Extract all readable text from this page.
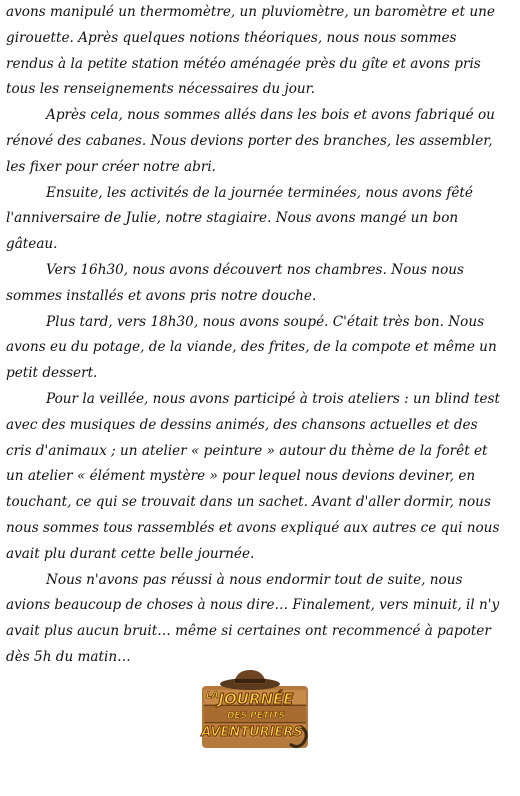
avons manipulé un thermomètre, un pluviomètre, un baromètre et une girouette. Après quelques notions théoriques, nous nous sommes rendus à la petite station météo aménagée près du gîte et avons pris tous les renseignements nécessaires du jour.

Après cela, nous sommes allés dans les bois et avons fabriqué ou rénové des cabanes. Nous devions porter des branches, les assembler, les fixer pour créer notre abri.

Ensuite, les activités de la journée terminées, nous avons fêté l'anniversaire de Julie, notre stagiaire. Nous avons mangé un bon gâteau.

Vers 16h30, nous avons découvert nos chambres. Nous nous sommes installés et avons pris notre douche.

Plus tard, vers 18h30, nous avons soupé. C'était très bon. Nous avons eu du potage, de la viande, des frites, de la compote et même un petit dessert.

Pour la veillée, nous avons participé à trois ateliers : un blind test avec des musiques de dessins animés, des chansons actuelles et des cris d'animaux ; un atelier « peinture » autour du thème de la forêt et un atelier « élément mystère » pour lequel nous devions deviner, en touchant, ce qui se trouvait dans un sachet. Avant d'aller dormir, nous nous sommes tous rassemblés et avons expliqué aux autres ce qui nous avait plu durant cette belle journée.

Nous n'avons pas réussi à nous endormir tout de suite, nous avions beaucoup de choses à nous dire… Finalement, vers minuit, il n'y avait plus aucun bruit… même si certaines ont recommencé à papoter dès 5h du matin…

LA JOURNÉE
DES PETITS
AVENTURIERS
